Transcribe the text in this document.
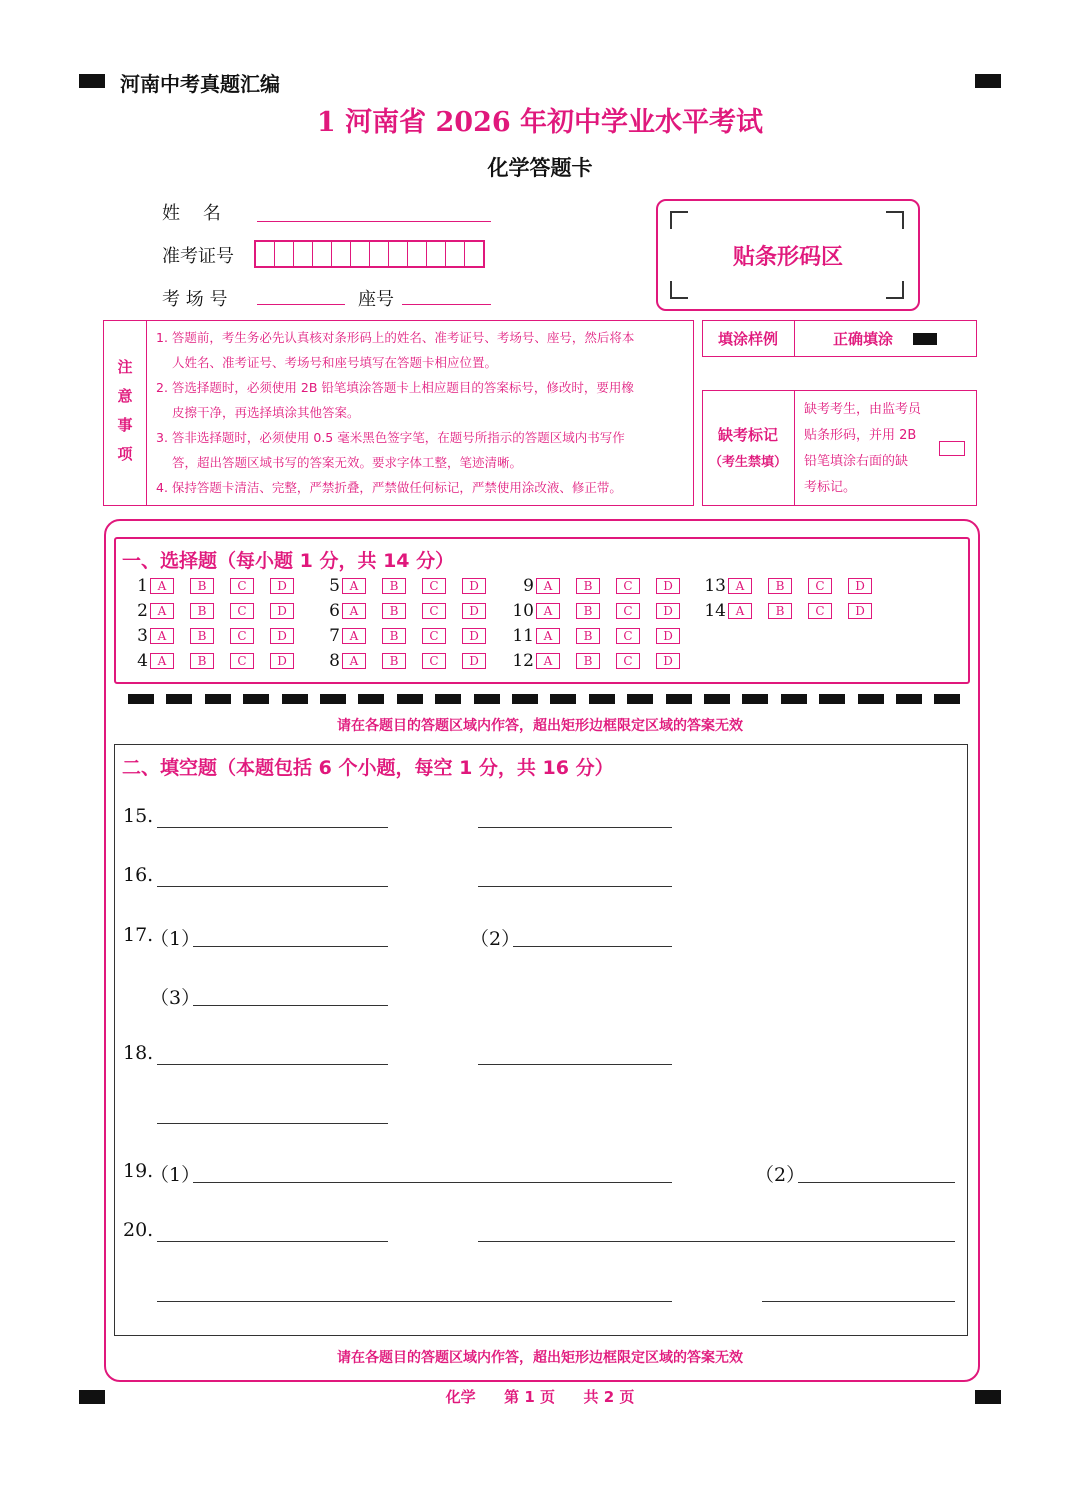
河南中考真题汇编
1 河南省 2026 年初中学业水平考试
化学答题卡
姓    名
准考证号
考 场 号	座号
贴条形码区
注
意
事
项
1. 答题前，考生务必先认真核对条形码上的姓名、准考证号、考场号、座号，然后将本
人姓名、准考证号、考场号和座号填写在答题卡相应位置。
2. 答选择题时，必须使用 2B 铅笔填涂答题卡上相应题目的答案标号，修改时，要用橡
皮擦干净，再选择填涂其他答案。
3. 答非选择题时，必须使用 0.5 毫米黑色签字笔，在题号所指示的答题区域内书写作
答，超出答题区域书写的答案无效。要求字体工整，笔迹清晰。
4. 保持答题卡清洁、完整，严禁折叠，严禁做任何标记，严禁使用涂改液、修正带。
填涂样例	正确填涂
缺考标记
（考生禁填）
缺考考生，由监考员
贴条形码，并用 2B
铅笔填涂右面的缺
考标记。
一、选择题（每小题 1 分，共 14 分）
1 A	B	C	D
2 A	B	C	D
3 A	B	C	D
4 A	B	C	D
5 A	B	C	D
6 A	B	C	D
7 A	B	C	D
8 A	B	C	D
9 A	B	C	D
10 A	B	C	D
11 A	B	C	D
12 A	B	C	D
13 A	B	C	D
14 A	B	C	D
请在各题目的答题区域内作答，超出矩形边框限定区域的答案无效
二、填空题（本题包括 6 个小题，每空 1 分，共 16 分）
15.
16.
17.
（1）	（2）
（3）
18.
19.
（1）	（2）
20.
请在各题目的答题区域内作答，超出矩形边框限定区域的答案无效
化学 第 1 页 共 2 页
